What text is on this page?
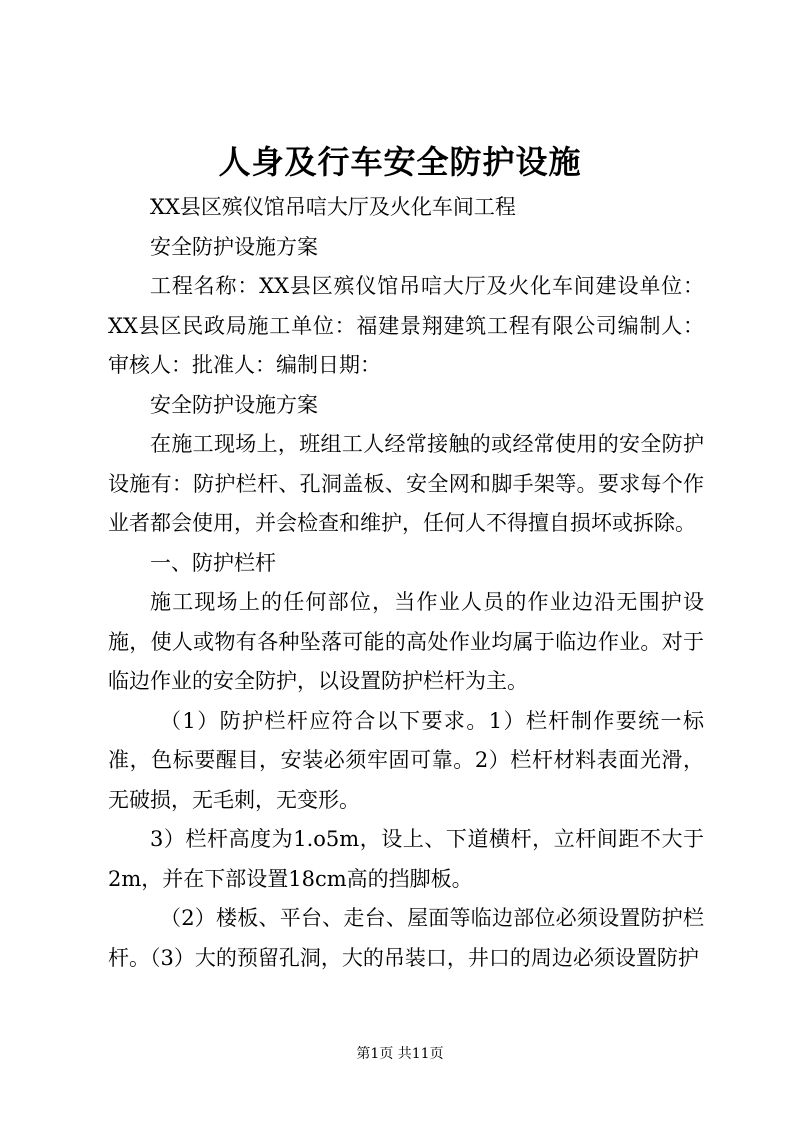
人身及行车安全防护设施

XX县区殡仪馆吊唁大厅及火化车间工程

安全防护设施方案

工程名称：XX县区殡仪馆吊唁大厅及火化车间建设单位：XX县区民政局施工单位：福建景翔建筑工程有限公司编制人：审核人：批准人：编制日期：

安全防护设施方案

在施工现场上，班组工人经常接触的或经常使用的安全防护设施有：防护栏杆、孔洞盖板、安全网和脚手架等。要求每个作业者都会使用，并会检查和维护，任何人不得擅自损坏或拆除。

一、防护栏杆

施工现场上的任何部位，当作业人员的作业边沿无围护设施，使人或物有各种坠落可能的高处作业均属于临边作业。对于临边作业的安全防护，以设置防护栏杆为主。

（1）防护栏杆应符合以下要求。1）栏杆制作要统一标准，色标要醒目，安装必须牢固可靠。2）栏杆材料表面光滑，无破损，无毛刺，无变形。

3）栏杆高度为1.o5m，设上、下道横杆，立杆间距不大于2m，并在下部设置18cm高的挡脚板。

（2）楼板、平台、走台、屋面等临边部位必须设置防护栏杆。（3）大的预留孔洞，大的吊装口，井口的周边必须设置防护

第1页 共11页
